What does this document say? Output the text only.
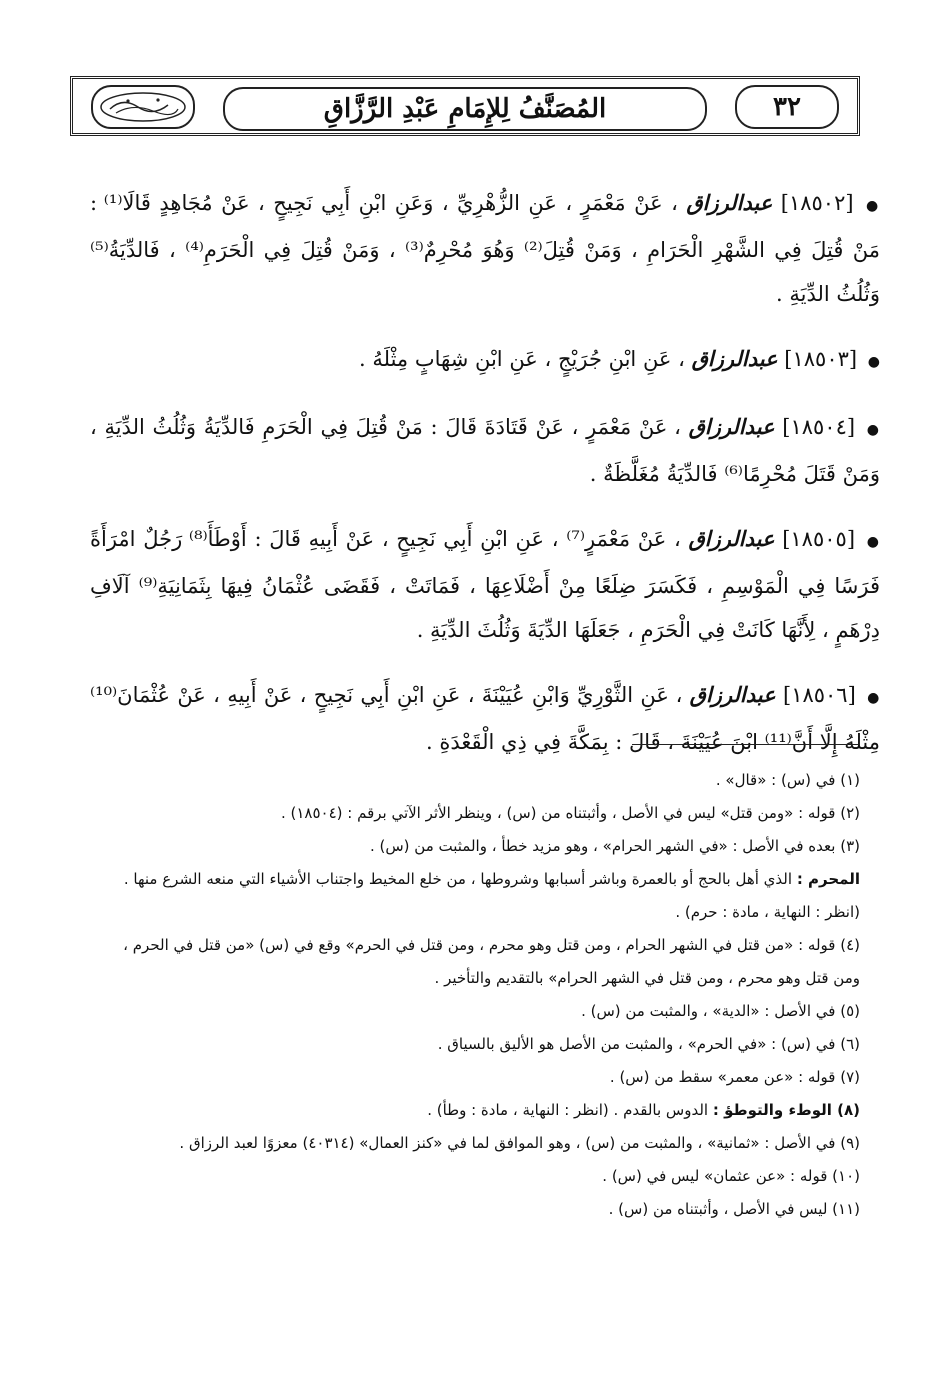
٣٢
المُصَنَّفُ لِلإِمَامِ عَبْدِ الرَّزَّاقِ

● [١٨٥٠٢] عبدالرزاق ، عَنْ مَعْمَرٍ ، عَنِ الزُّهْرِيِّ ، وَعَنِ ابْنِ أَبِي نَجِيحٍ ، عَنْ مُجَاهِدٍ قَالَا⁽¹⁾ : مَنْ قُتِلَ فِي الشَّهْرِ الْحَرَامِ ، وَمَنْ قُتِلَ⁽²⁾ وَهُوَ مُحْرِمٌ⁽³⁾ ، وَمَنْ قُتِلَ فِي الْحَرَمِ⁽⁴⁾ ، فَالدِّيَةُ⁽⁵⁾ وَثُلُثُ الدِّيَةِ .

● [١٨٥٠٣] عبدالرزاق ، عَنِ ابْنِ جُرَيْجٍ ، عَنِ ابْنِ شِهَابٍ مِثْلَهُ .

● [١٨٥٠٤] عبدالرزاق ، عَنْ مَعْمَرٍ ، عَنْ قَتَادَةَ قَالَ : مَنْ قُتِلَ فِي الْحَرَمِ فَالدِّيَةُ وَثُلُثُ الدِّيَةِ ، وَمَنْ قَتَلَ مُحْرِمًا⁽⁶⁾ فَالدِّيَةُ مُغَلَّظَةٌ .

● [١٨٥٠٥] عبدالرزاق ، عَنْ مَعْمَرٍ⁽⁷⁾ ، عَنِ ابْنِ أَبِي نَجِيحٍ ، عَنْ أَبِيهِ قَالَ : أَوْطَأَ⁽⁸⁾ رَجُلٌ امْرَأَةً فَرَسًا فِي الْمَوْسِمِ ، فَكَسَرَ ضِلَعًا مِنْ أَضْلَاعِهَا ، فَمَاتَتْ ، فَقَضَى عُثْمَانُ فِيهَا بِثَمَانِيَةِ⁽⁹⁾ آلَافِ دِرْهَمٍ ، لِأَنَّهَا كَانَتْ فِي الْحَرَمِ ، جَعَلَهَا الدِّيَةَ وَثُلُثَ الدِّيَةِ .

● [١٨٥٠٦] عبدالرزاق ، عَنِ الثَّوْرِيِّ وَابْنِ عُيَيْنَةَ ، عَنِ ابْنِ أَبِي نَجِيحٍ ، عَنْ أَبِيهِ ، عَنْ عُثْمَانَ⁽¹⁰⁾ مِثْلَهُ إِلَّا أَنَّ⁽¹¹⁾ ابْنَ عُيَيْنَةَ ، قَالَ : بِمَكَّةَ فِي ذِي الْقَعْدَةِ .

(١) في (س) : «قال» .

(٢) قوله : «ومن قتل» ليس في الأصل ، وأثبتناه من (س) ، وينظر الأثر الآتي برقم : (١٨٥٠٤) .

(٣) بعده في الأصل : «في الشهر الحرام» ، وهو مزيد خطأ ، والمثبت من (س) .

المحرم : الذي أهل بالحج أو بالعمرة وباشر أسبابها وشروطها ، من خلع المخيط واجتناب الأشياء التي منعه الشرع منها . (انظر : النهاية ، مادة : حرم) .

(٤) قوله : «من قتل في الشهر الحرام ، ومن قتل وهو محرم ، ومن قتل في الحرم» وقع في (س) «من قتل في الحرم ، ومن قتل وهو محرم ، ومن قتل في الشهر الحرام» بالتقديم والتأخير .

(٥) في الأصل : «الدية» ، والمثبت من (س) .

(٦) في (س) : «في الحرم» ، والمثبت من الأصل هو الأليق بالسياق .

(٧) قوله : «عن معمر» سقط من (س) .

(٨) الوطء والتوطؤ : الدوس بالقدم . (انظر : النهاية ، مادة : وطأ) .

(٩) في الأصل : «ثمانية» ، والمثبت من (س) ، وهو الموافق لما في «كنز العمال» (٤٠٣١٤) معزوًا لعبد الرزاق .

(١٠) قوله : «عن عثمان» ليس في (س) .

(١١) ليس في الأصل ، وأثبتناه من (س) .
